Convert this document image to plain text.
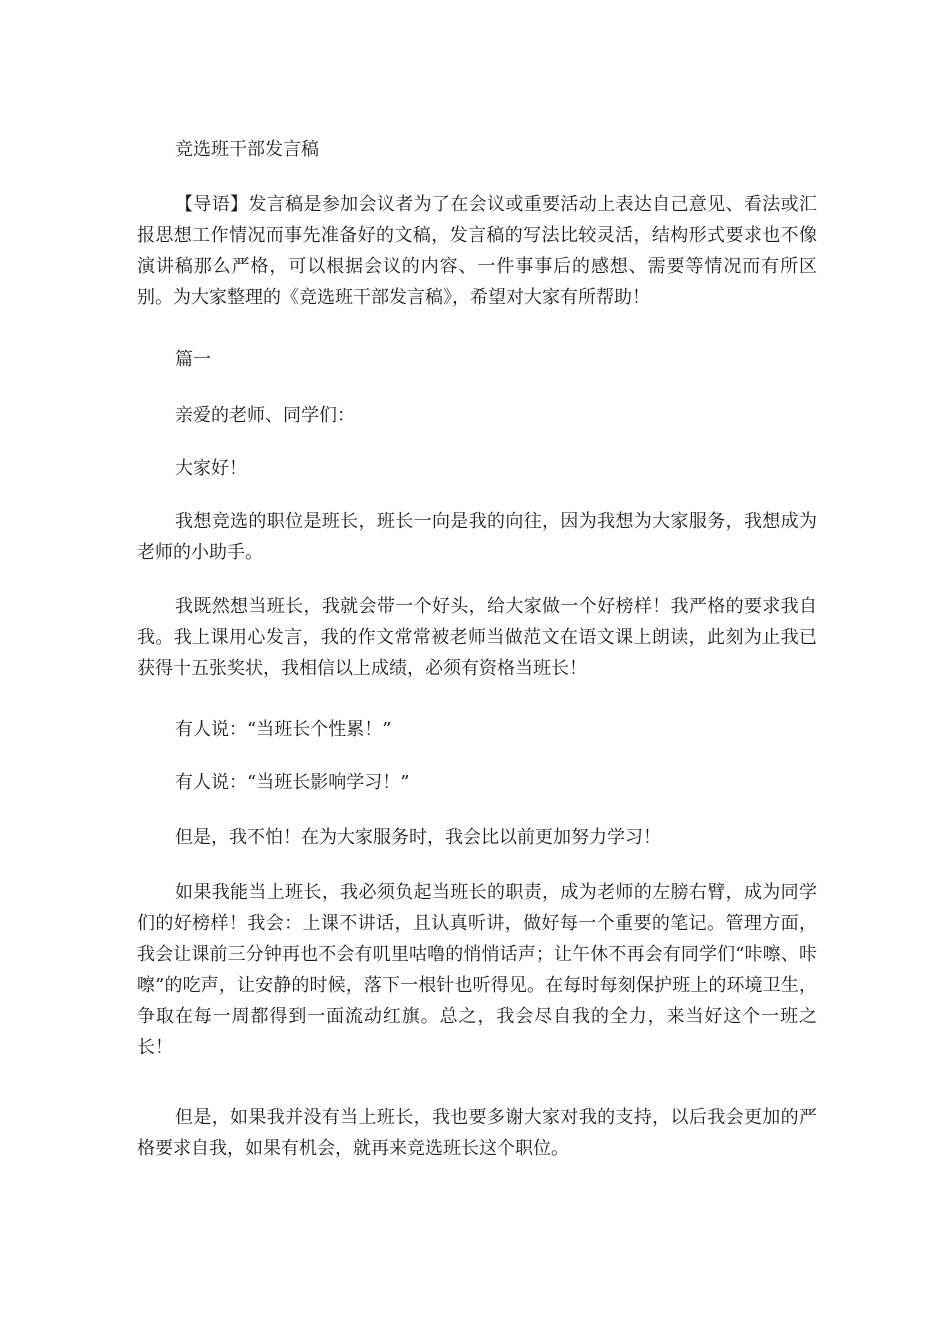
竞选班干部发言稿

【导语】发言稿是参加会议者为了在会议或重要活动上表达自己意见、看法或汇报思想工作情况而事先准备好的文稿，发言稿的写法比较灵活，结构形式要求也不像演讲稿那么严格，可以根据会议的内容、一件事事后的感想、需要等情况而有所区别。为大家整理的《竞选班干部发言稿》，希望对大家有所帮助！

篇一

亲爱的老师、同学们：

大家好！

我想竞选的职位是班长，班长一向是我的向往，因为我想为大家服务，我想成为老师的小助手。

我既然想当班长，我就会带一个好头，给大家做一个好榜样！我严格的要求我自我。我上课用心发言，我的作文常常被老师当做范文在语文课上朗读，此刻为止我已获得十五张奖状，我相信以上成绩，必须有资格当班长！

有人说：“当班长个性累！”

有人说：“当班长影响学习！”

但是，我不怕！在为大家服务时，我会比以前更加努力学习！

如果我能当上班长，我必须负起当班长的职责，成为老师的左膀右臂，成为同学们的好榜样！我会：上课不讲话，且认真听讲，做好每一个重要的笔记。管理方面，我会让课前三分钟再也不会有叽里咕噜的悄悄话声；让午休不再会有同学们“咔嚓、咔嚓”的吃声，让安静的时候，落下一根针也听得见。在每时每刻保护班上的环境卫生，争取在每一周都得到一面流动红旗。总之，我会尽自我的全力，来当好这个一班之长！

但是，如果我并没有当上班长，我也要多谢大家对我的支持，以后我会更加的严格要求自我，如果有机会，就再来竞选班长这个职位。
